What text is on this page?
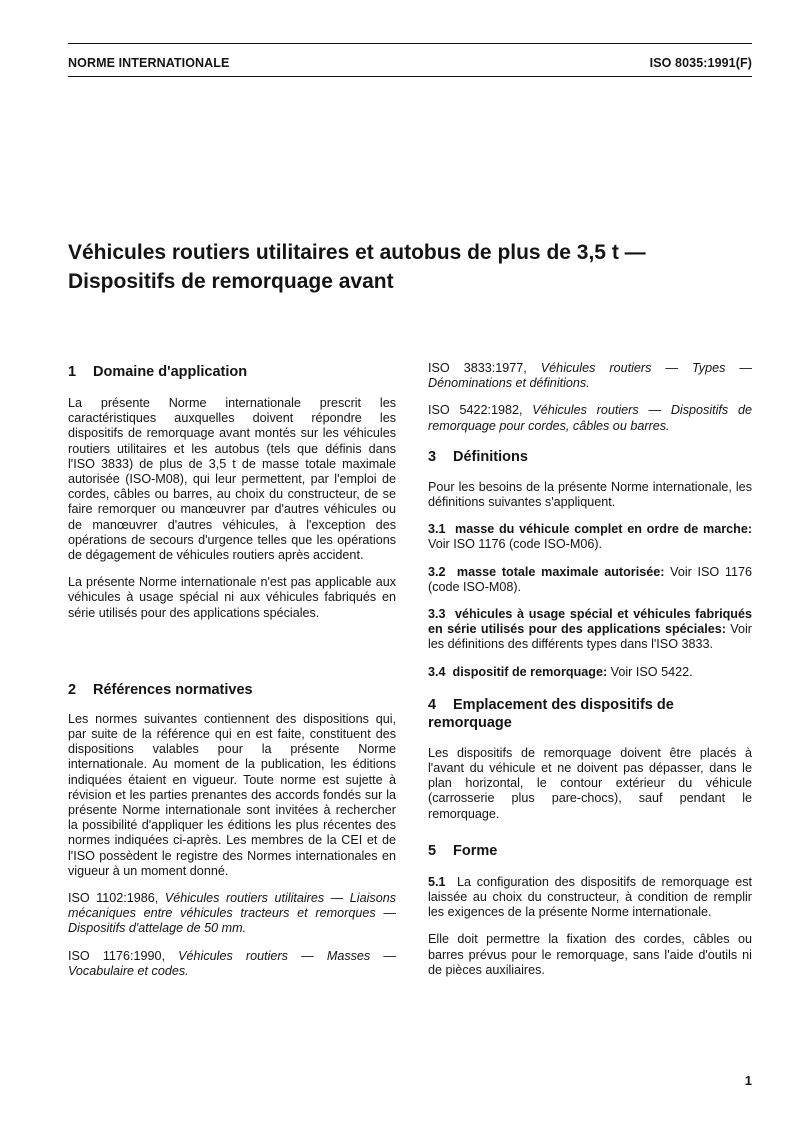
NORME INTERNATIONALE	ISO 8035:1991(F)
Véhicules routiers utilitaires et autobus de plus de 3,5 t —
Dispositifs de remorquage avant
1 Domaine d'application

La présente Norme internationale prescrit les caractéristiques auxquelles doivent répondre les dispositifs de remorquage avant montés sur les véhicules routiers utilitaires et les autobus (tels que définis dans l'ISO 3833) de plus de 3,5 t de masse totale maximale autorisée (ISO-M08), qui leur permettent, par l'emploi de cordes, câbles ou barres, au choix du constructeur, de se faire remorquer ou manœuvrer par d'autres véhicules ou de manœuvrer d'autres véhicules, à l'exception des opérations de secours d'urgence telles que les opérations de dégagement de véhicules routiers après accident.

La présente Norme internationale n'est pas applicable aux véhicules à usage spécial ni aux véhicules fabriqués en série utilisés pour des applications spéciales.

2 Références normatives

Les normes suivantes contiennent des dispositions qui, par suite de la référence qui en est faite, constituent des dispositions valables pour la présente Norme internationale. Au moment de la publication, les éditions indiquées étaient en vigueur. Toute norme est sujette à révision et les parties prenantes des accords fondés sur la présente Norme internationale sont invitées à rechercher la possibilité d'appliquer les éditions les plus récentes des normes indiquées ci-après. Les membres de la CEI et de l'ISO possèdent le registre des Normes internationales en vigueur à un moment donné.

ISO 1102:1986, Véhicules routiers utilitaires — Liaisons mécaniques entre véhicules tracteurs et remorques — Dispositifs d'attelage de 50 mm.

ISO 1176:1990, Véhicules routiers — Masses — Vocabulaire et codes.

ISO 3833:1977, Véhicules routiers — Types — Dénominations et définitions.

ISO 5422:1982, Véhicules routiers — Dispositifs de remorquage pour cordes, câbles ou barres.

3 Définitions

Pour les besoins de la présente Norme internationale, les définitions suivantes s'appliquent.

3.1 masse du véhicule complet en ordre de marche: Voir ISO 1176 (code ISO-M06).

3.2 masse totale maximale autorisée: Voir ISO 1176 (code ISO-M08).

3.3 véhicules à usage spécial et véhicules fabriqués en série utilisés pour des applications spéciales: Voir les définitions des différents types dans l'ISO 3833.

3.4 dispositif de remorquage: Voir ISO 5422.

4 Emplacement des dispositifs de
remorquage

Les dispositifs de remorquage doivent être placés à l'avant du véhicule et ne doivent pas dépasser, dans le plan horizontal, le contour extérieur du véhicule (carrosserie plus pare-chocs), sauf pendant le remorquage.

5 Forme

5.1 La configuration des dispositifs de remorquage est laissée au choix du constructeur, à condition de remplir les exigences de la présente Norme internationale.

Elle doit permettre la fixation des cordes, câbles ou barres prévus pour le remorquage, sans l'aide d'outils ni de pièces auxiliaires.

1
